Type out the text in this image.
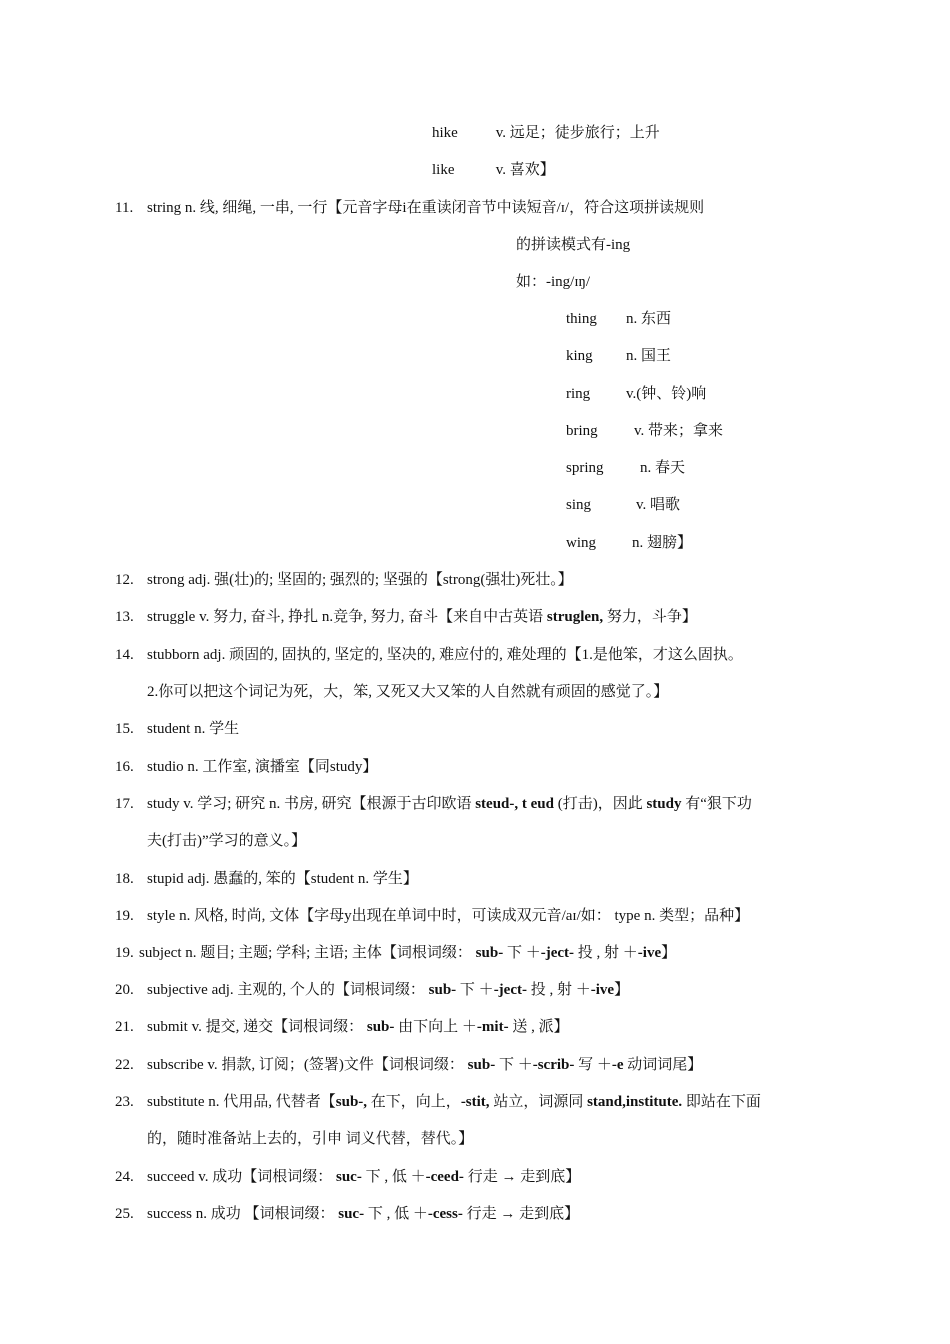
hike	v. 远足；徒步旅行；上升
like	v. 喜欢】
11. string n. 线, 细绳, 一串, 一行【元音字母i在重读闭音节中读短音/ɪ/，符合这项拼读规则
的拼读模式有-ing
如：-ing/ɪŋ/
thing n. 东西
king n. 国王
ring v.(钟、铃)响
bring v. 带来；拿来
spring n. 春天
sing	v. 唱歌
wing n. 翅膀】
12. strong adj. 强(壮)的; 坚固的; 强烈的; 坚强的【strong(强壮)死壮。】
13. struggle v. 努力, 奋斗, 挣扎 n.竞争, 努力, 奋斗【来自中古英语 struglen, 努力，斗争】
14. stubborn adj. 顽固的, 固执的, 坚定的, 坚决的, 难应付的, 难处理的【1.是他笨，才这么固执。
2.你可以把这个词记为死，大，笨, 又死又大又笨的人自然就有顽固的感觉了。】
15. student n. 学生
16. studio n. 工作室, 演播室【同study】
17. study v. 学习; 研究 n. 书房, 研究【根源于古印欧语 steud-, t eud (打击)，因此 study 有“狠下功
夫(打击)”学习的意义。】
18. stupid adj. 愚蠢的, 笨的【student n. 学生】
19. style n. 风格, 时尚, 文体【字母y出现在单词中时，可读成双元音/aɪ/如： type n. 类型；品种】
19. subject n. 题目; 主题; 学科; 主语; 主体【词根词缀： sub- 下 ＋-ject- 投 , 射 ＋-ive】
20. subjective adj. 主观的, 个人的【词根词缀： sub- 下 ＋-ject- 投 , 射 ＋-ive】
21. submit v. 提交, 递交【词根词缀： sub- 由下向上 ＋-mit- 送 , 派】
22. subscribe v. 捐款, 订阅；(签署)文件【词根词缀： sub- 下 ＋-scrib- 写 ＋-e 动词词尾】
23. substitute n. 代用品, 代替者【sub-, 在下，向上，-stit, 站立，词源同 stand,institute. 即站在下面
的，随时准备站上去的，引申 词义代替，替代。】
24. succeed v. 成功【词根词缀： suc- 下 , 低 ＋-ceed- 行走 → 走到底】
25. success n. 成功 【词根词缀： suc- 下 , 低 ＋-cess- 行走 → 走到底】
